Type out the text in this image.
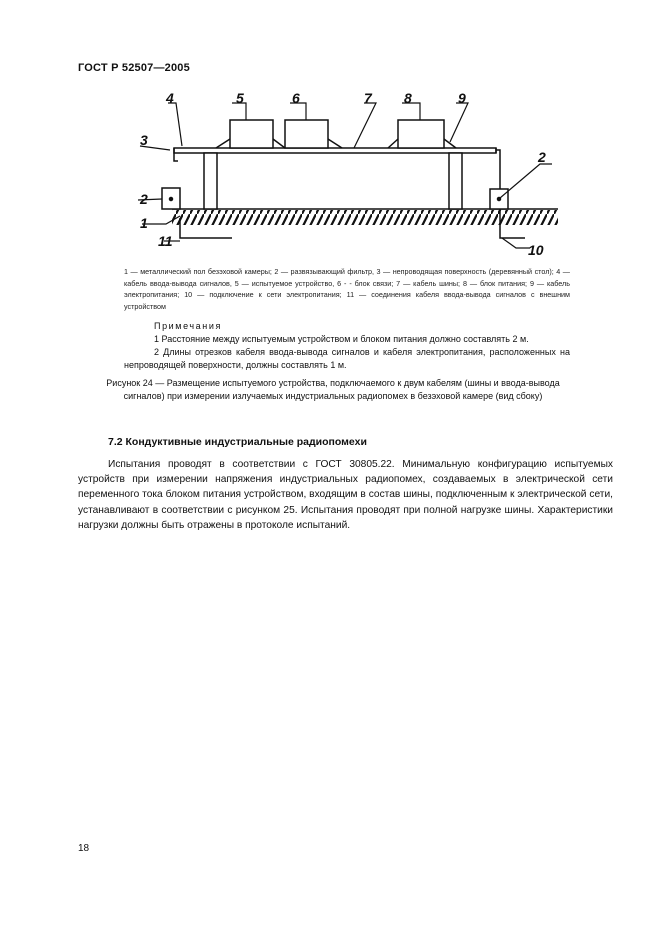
ГОСТ Р 52507—2005
1
2
3
4	5	6	7 8	9
2
10
11
1 — металлический пол безэховой камеры; 2 — развязывающий фильтр, 3 — непроводящая поверхность (деревянный стол); 4 — кабель ввода-вывода сигналов, 5 — испытуемое устройство, 6 - - блок связи; 7 — кабель шины; 8 — блок питания; 9 — кабель электропитания; 10 — подключение к сети электропитания; 11 — соединения кабеля ввода-вывода сигналов с внешним устройством
Примечания
1 Расстояние между испытуемым устройством и блоком питания должно составлять 2 м.
2 Длины отрезков кабеля ввода-вывода сигналов и кабеля электропитания, расположенных на непроводящей поверхности, должны составлять 1 м.
Рисунок 24 — Размещение испытуемого устройства, подключаемого к двум кабелям (шины и ввода-вывода сигналов) при измерении излучаемых индустриальных радиопомех в безэховой камере (вид сбоку)
7.2 Кондуктивные индустриальные радиопомехи
Испытания проводят в соответствии с ГОСТ 30805.22. Минимальную конфигурацию испытуемых устройств при измерении напряжения индустриальных радиопомех, создаваемых в электрической сети переменного тока блоком питания устройством, входящим в состав шины, подключенным к электрической сети, устанавливают в соответствии с рисунком 25. Испытания проводят при полной нагрузке шины. Характеристики нагрузки должны быть отражены в протоколе испытаний.
18
